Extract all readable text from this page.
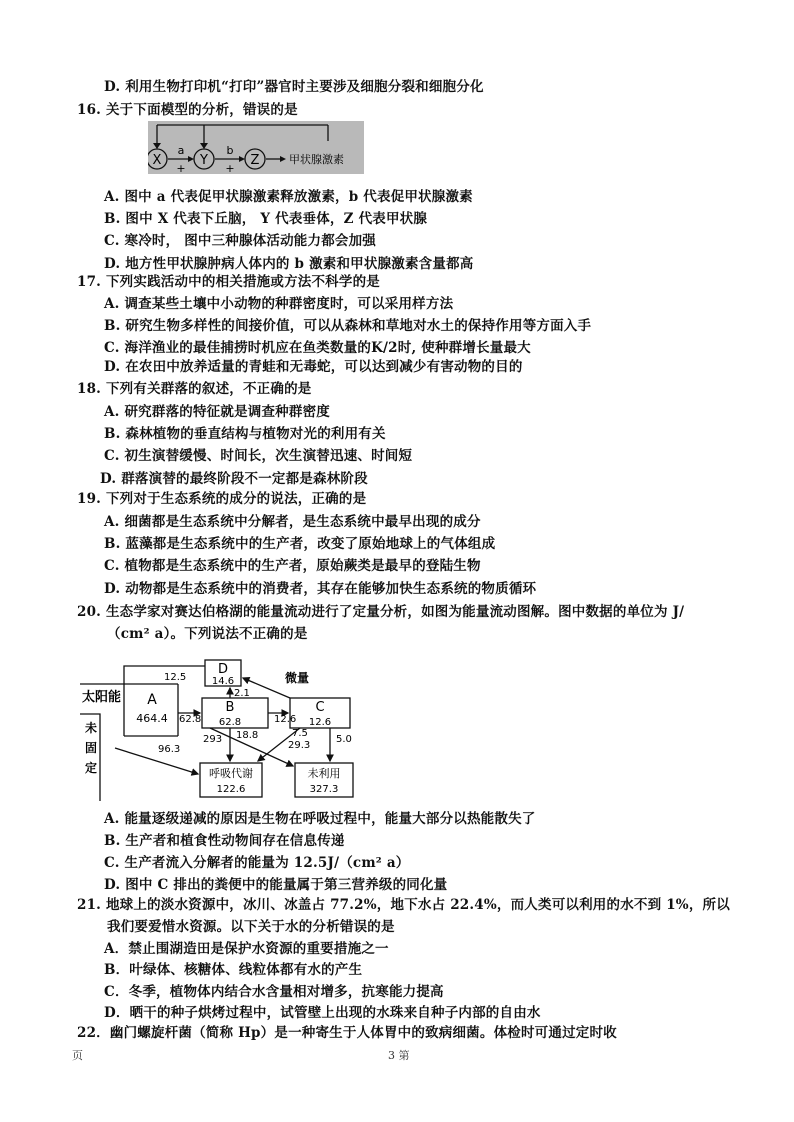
D. 利用生物打印机“打印”器官时主要涉及细胞分裂和细胞分化
16. 关于下面模型的分析，错误的是
X	Y	Z
a	b
+	+
甲状腺激素
A. 图中 a 代表促甲状腺激素释放激素，b 代表促甲状腺激素
B. 图中 X 代表下丘脑， Y 代表垂体，Z 代表甲状腺
C. 寒冷时， 图中三种腺体活动能力都会加强
D. 地方性甲状腺肿病人体内的 b 激素和甲状腺激素含量都高
17. 下列实践活动中的相关措施或方法不科学的是
A. 调查某些土壤中小动物的种群密度时，可以采用样方法
B. 研究生物多样性的间接价值，可以从森林和草地对水土的保持作用等方面入手
C. 海洋渔业的最佳捕捞时机应在鱼类数量的K/2时, 使种群增长量最大
D. 在农田中放养适量的青蛙和无毒蛇，可以达到减少有害动物的目的
18. 下列有关群落的叙述，不正确的是
A. 研究群落的特征就是调查种群密度
B. 森林植物的垂直结构与植物对光的利用有关
C. 初生演替缓慢、时间长，次生演替迅速、时间短
D. 群落演替的最终阶段不一定都是森林阶段
19. 下列对于生态系统的成分的说法，正确的是
A. 细菌都是生态系统中分解者，是生态系统中最早出现的成分
B. 蓝藻都是生态系统中的生产者，改变了原始地球上的气体组成
C. 植物都是生态系统中的生产者，原始蕨类是最早的登陆生物
D. 动物都是生态系统中的消费者，其存在能够加快生态系统的物质循环
20. 生态学家对赛达伯格湖的能量流动进行了定量分析，如图为能量流动图解。图中数据的单位为 J/
（cm² a）。下列说法不正确的是
太阳能 A
464.4
未
固
定
D
14.6
B
62.8
C
12.6
呼吸代谢
122.6
未利用
327.3
12.5
62.8
2.1
12.6
微量
96.3
293 18.8	7.5
29.3
5.0
A. 能量逐级递减的原因是生物在呼吸过程中，能量大部分以热能散失了
B. 生产者和植食性动物间存在信息传递
C. 生产者流入分解者的能量为 12.5J/（cm² a）
D. 图中 C 排出的粪便中的能量属于第三营养级的同化量
21. 地球上的淡水资源中，冰川、冰盖占 77.2%，地下水占 22.4%，而人类可以利用的水不到 1%，所以
我们要爱惜水资源。以下关于水的分析错误的是
A．禁止围湖造田是保护水资源的重要措施之一
B．叶绿体、核糖体、线粒体都有水的产生
C．冬季，植物体内结合水含量相对增多，抗寒能力提高
D．晒干的种子烘烤过程中，试管壁上出现的水珠来自种子内部的自由水
22．幽门螺旋杆菌（简称 Hp）是一种寄生于人体胃中的致病细菌。体检时可通过定时收
页	3 第
